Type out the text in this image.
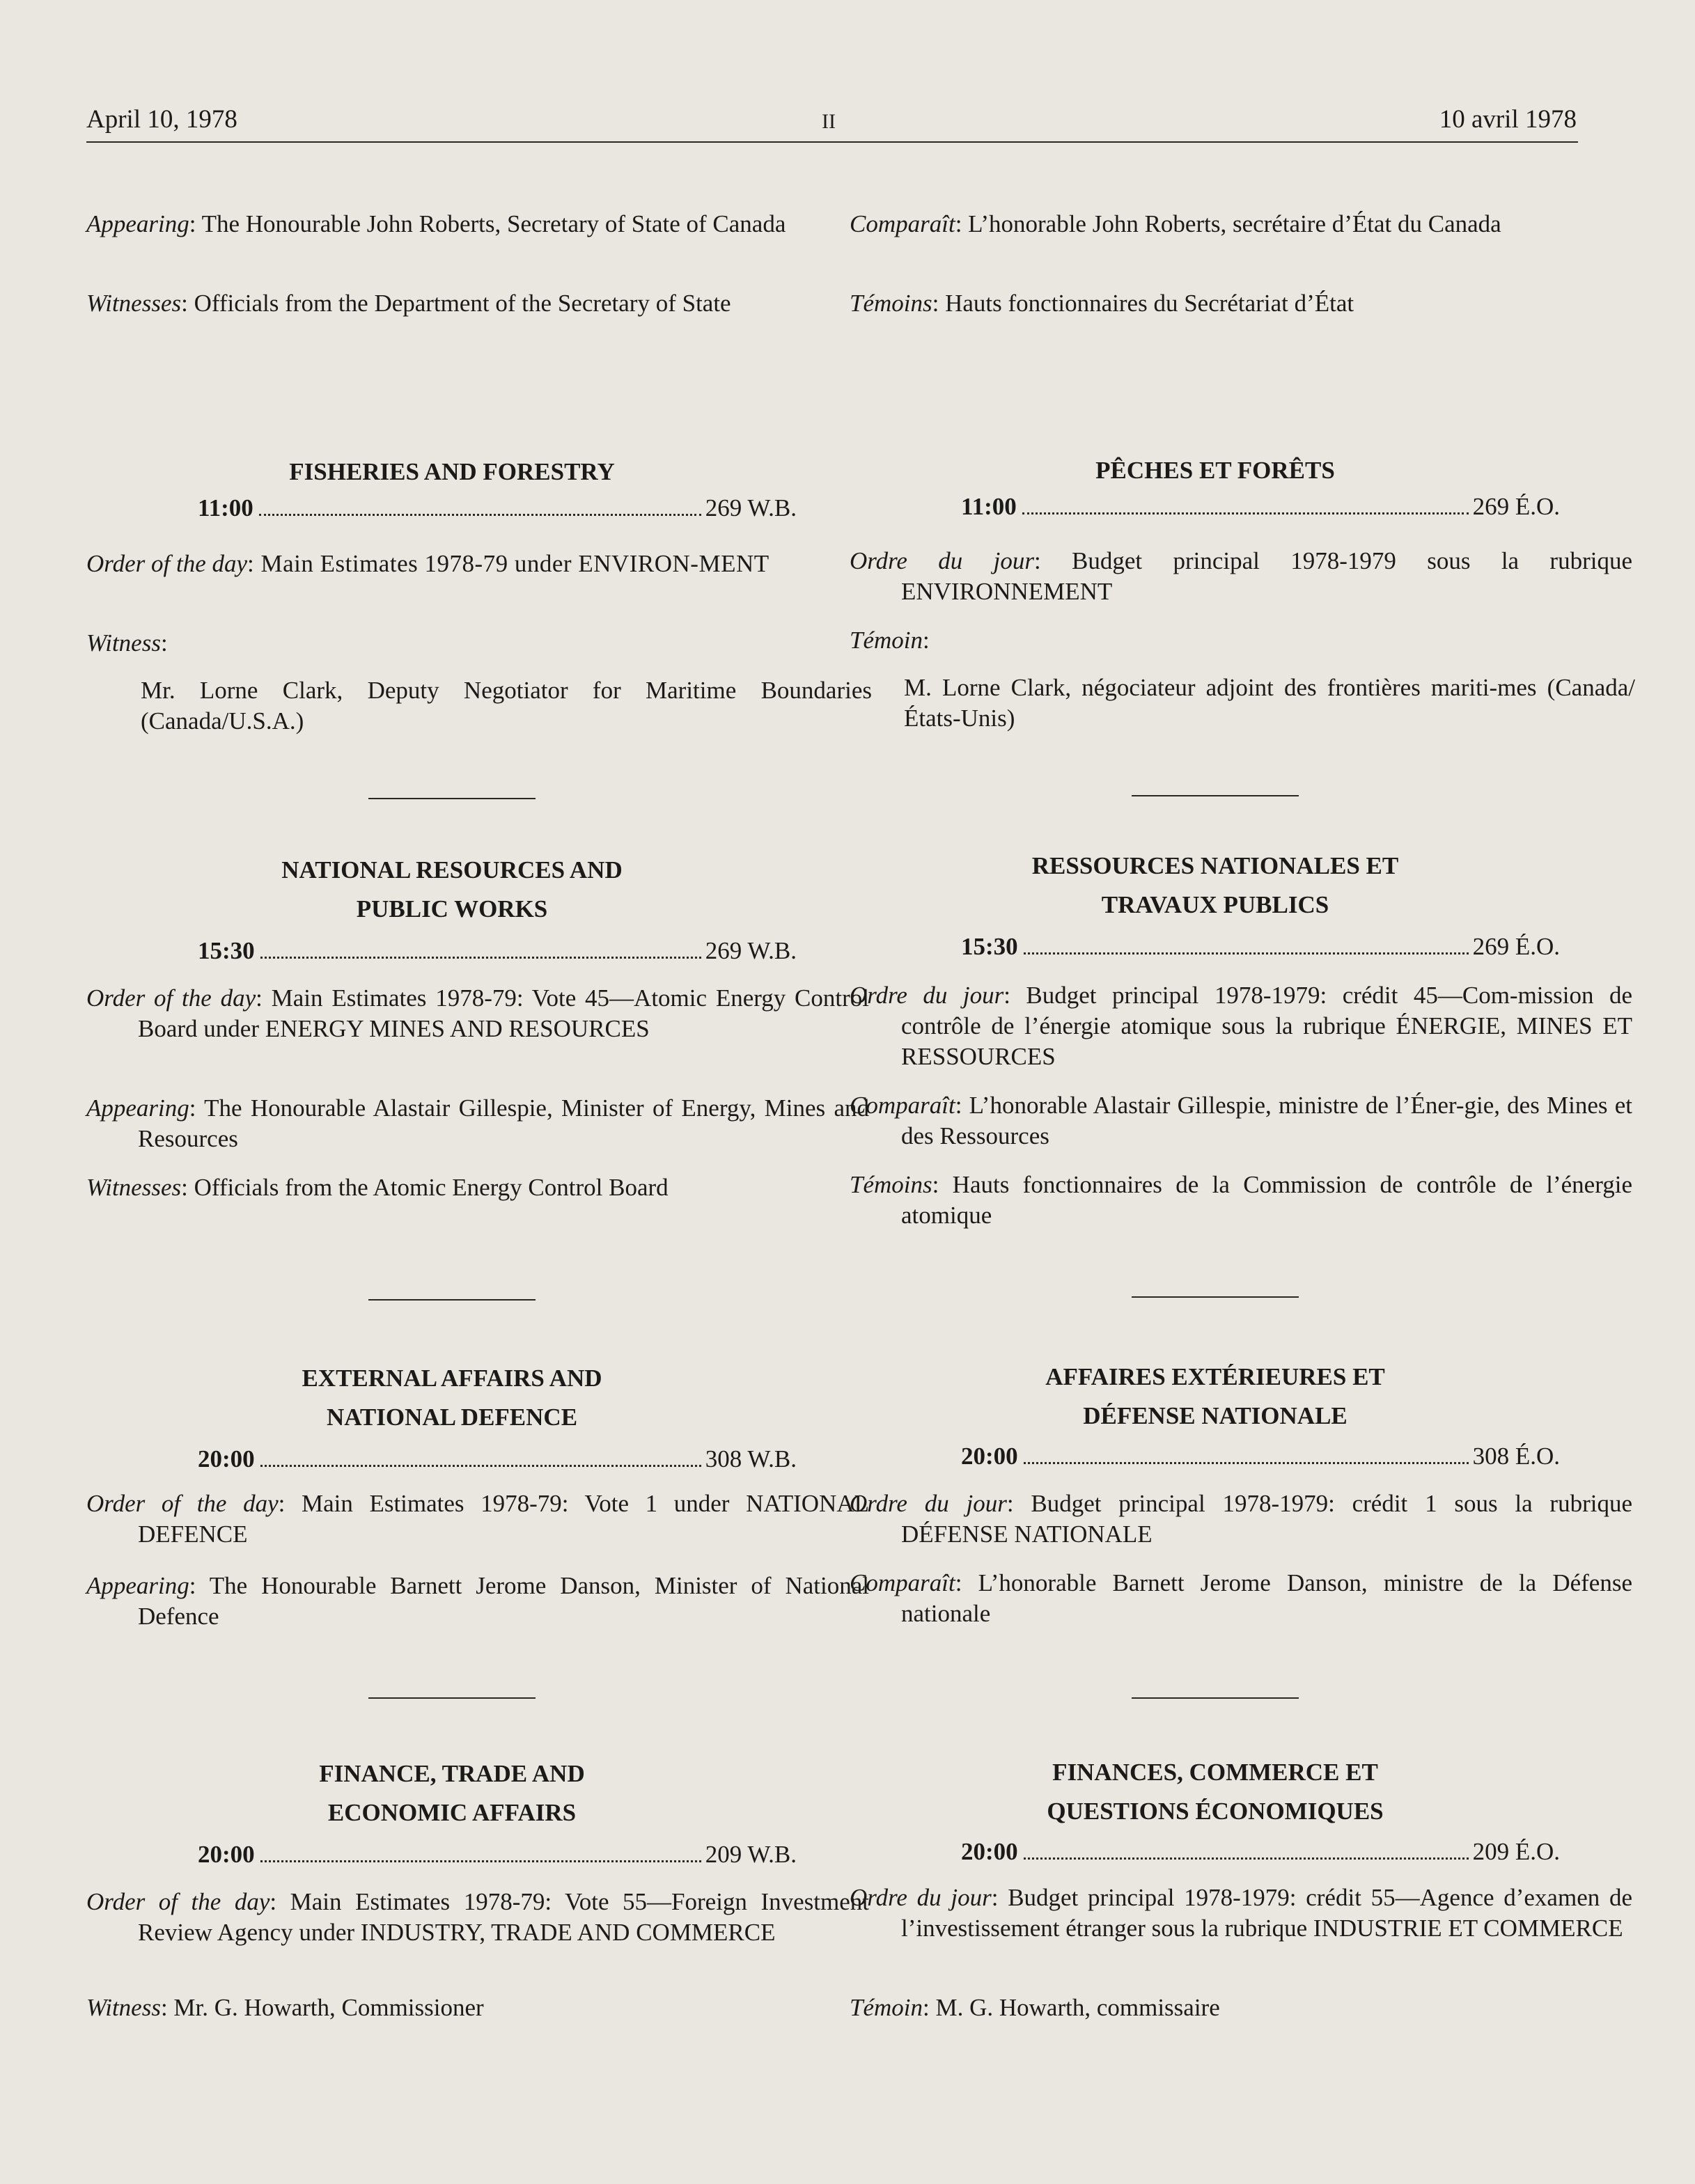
April 10, 1978	II	10 avril 1978

Appearing: The Honourable John Roberts, Secretary of State of Canada

Witnesses: Officials from the Department of the Secretary of State

FISHERIES AND FORESTRY
11:00	269 W.B.

Order of the day: Main Estimates 1978-79 under ENVIRON-MENT

Witness:

Mr. Lorne Clark, Deputy Negotiator for Maritime Boundaries (Canada/U.S.A.)
NATIONAL RESOURCES AND
PUBLIC WORKS
15:30	269 W.B.

Order of the day: Main Estimates 1978-79: Vote 45—Atomic Energy Control Board under ENERGY MINES AND RESOURCES

Appearing: The Honourable Alastair Gillespie, Minister of Energy, Mines and Resources

Witnesses: Officials from the Atomic Energy Control Board

EXTERNAL AFFAIRS AND
NATIONAL DEFENCE
20:00	308 W.B.

Order of the day: Main Estimates 1978-79: Vote 1 under NATIONAL DEFENCE

Appearing: The Honourable Barnett Jerome Danson, Minister of National Defence

FINANCE, TRADE AND
ECONOMIC AFFAIRS
20:00	209 W.B.

Order of the day: Main Estimates 1978-79: Vote 55—Foreign Investment Review Agency under INDUSTRY, TRADE AND COMMERCE

Witness: Mr. G. Howarth, Commissioner

Comparaît: L’honorable John Roberts, secrétaire d’État du Canada

Témoins: Hauts fonctionnaires du Secrétariat d’État

PÊCHES ET FORÊTS
11:00	269 É.O.

Ordre du jour: Budget principal 1978-1979 sous la rubrique ENVIRONNEMENT

Témoin:

M. Lorne Clark, négociateur adjoint des frontières mariti-mes (Canada/États-Unis)
RESSOURCES NATIONALES ET
TRAVAUX PUBLICS
15:30	269 É.O.

Ordre du jour: Budget principal 1978-1979: crédit 45—Com-mission de contrôle de l’énergie atomique sous la rubrique ÉNERGIE, MINES ET RESSOURCES

Comparaît: L’honorable Alastair Gillespie, ministre de l’Éner-gie, des Mines et des Ressources

Témoins: Hauts fonctionnaires de la Commission de contrôle de l’énergie atomique

AFFAIRES EXTÉRIEURES ET
DÉFENSE NATIONALE
20:00	308 É.O.

Ordre du jour: Budget principal 1978-1979: crédit 1 sous la rubrique DÉFENSE NATIONALE

Comparaît: L’honorable Barnett Jerome Danson, ministre de la Défense nationale

FINANCES, COMMERCE ET
QUESTIONS ÉCONOMIQUES
20:00	209 É.O.

Ordre du jour: Budget principal 1978-1979: crédit 55—Agence d’examen de l’investissement étranger sous la rubrique INDUSTRIE ET COMMERCE

Témoin: M. G. Howarth, commissaire
